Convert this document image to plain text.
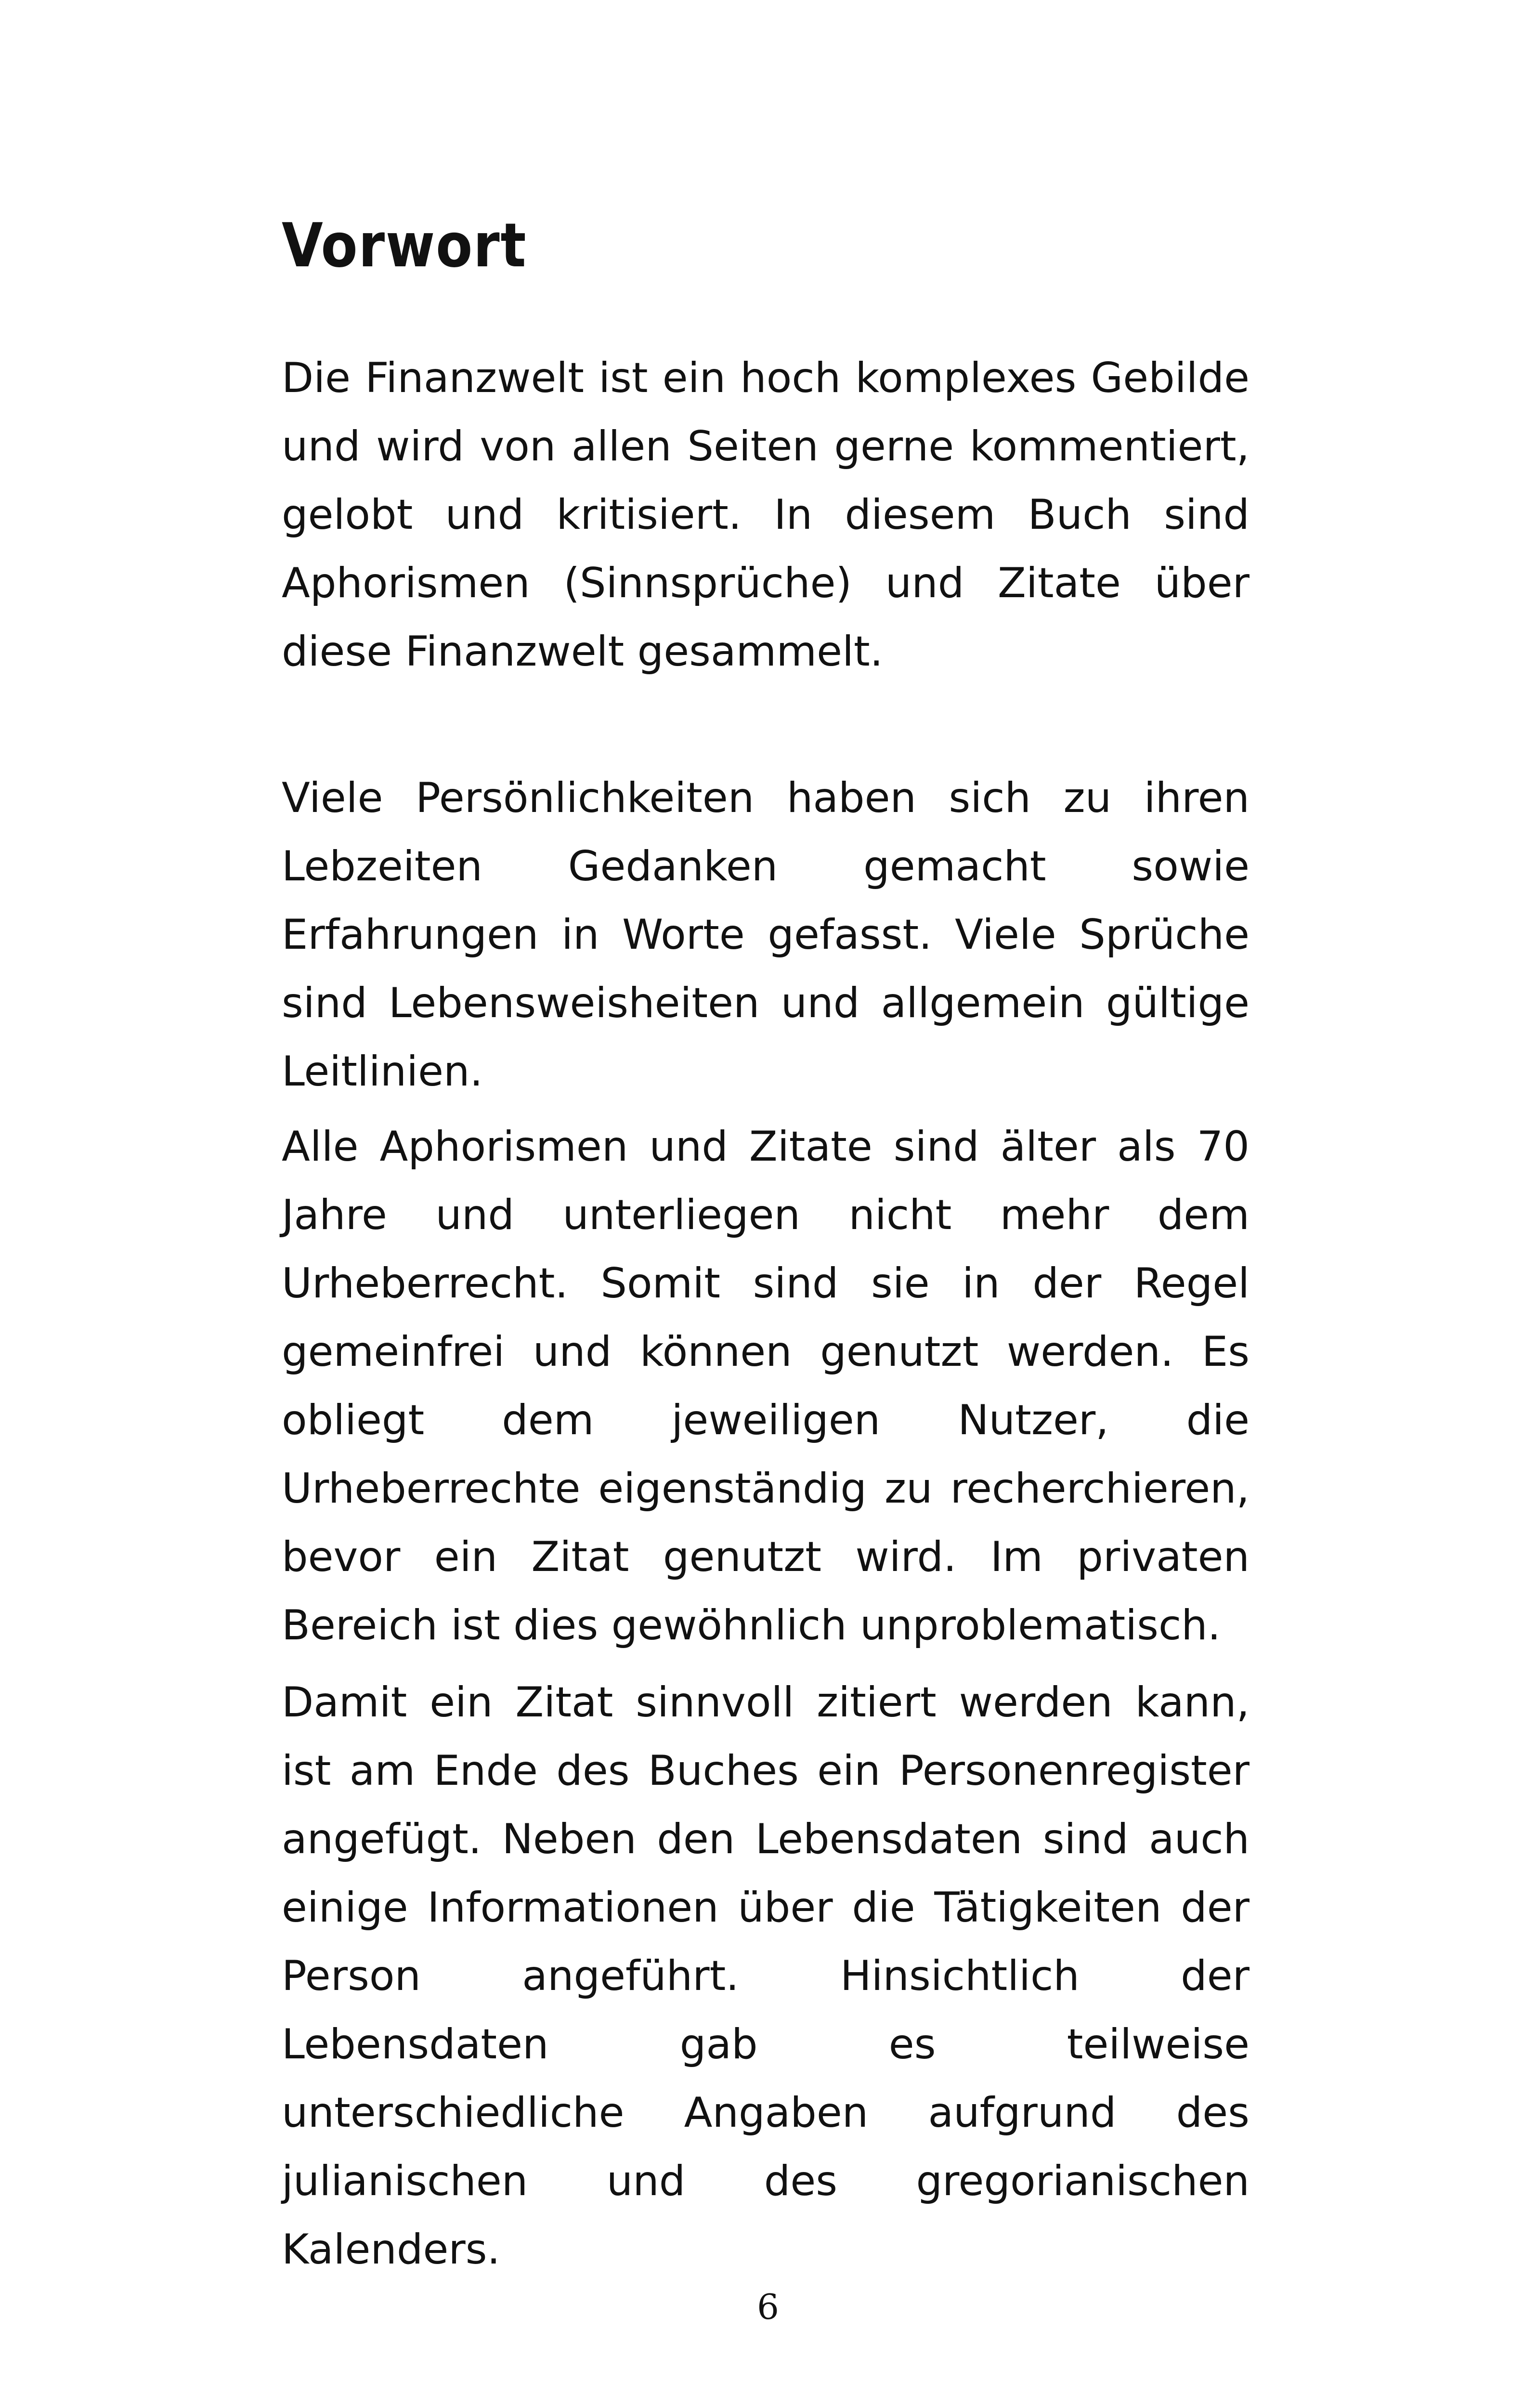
Vorwort

Die Finanzwelt ist ein hoch komplexes Gebilde und wird von allen Seiten gerne kommentiert, gelobt und kritisiert. In diesem Buch sind Aphorismen (Sinnsprüche) und Zitate über diese Finanzwelt gesammelt.

Viele Persönlichkeiten haben sich zu ihren Lebzeiten Gedanken gemacht sowie Erfahrungen in Worte gefasst. Viele Sprüche sind Lebensweisheiten und allgemein gültige Leitlinien.

Alle Aphorismen und Zitate sind älter als 70 Jahre und unterliegen nicht mehr dem Urheberrecht. Somit sind sie in der Regel gemeinfrei und können genutzt werden. Es obliegt dem jeweiligen Nutzer, die Urheberrechte eigenständig zu recherchieren, bevor ein Zitat genutzt wird. Im privaten Bereich ist dies gewöhnlich unproblematisch.

Damit ein Zitat sinnvoll zitiert werden kann, ist am Ende des Buches ein Personenregister angefügt. Neben den Lebensdaten sind auch einige Informationen über die Tätigkeiten der Person angeführt. Hinsichtlich der Lebensdaten gab es teilweise unterschiedliche Angaben aufgrund des julianischen und des gregorianischen Kalenders.

6
